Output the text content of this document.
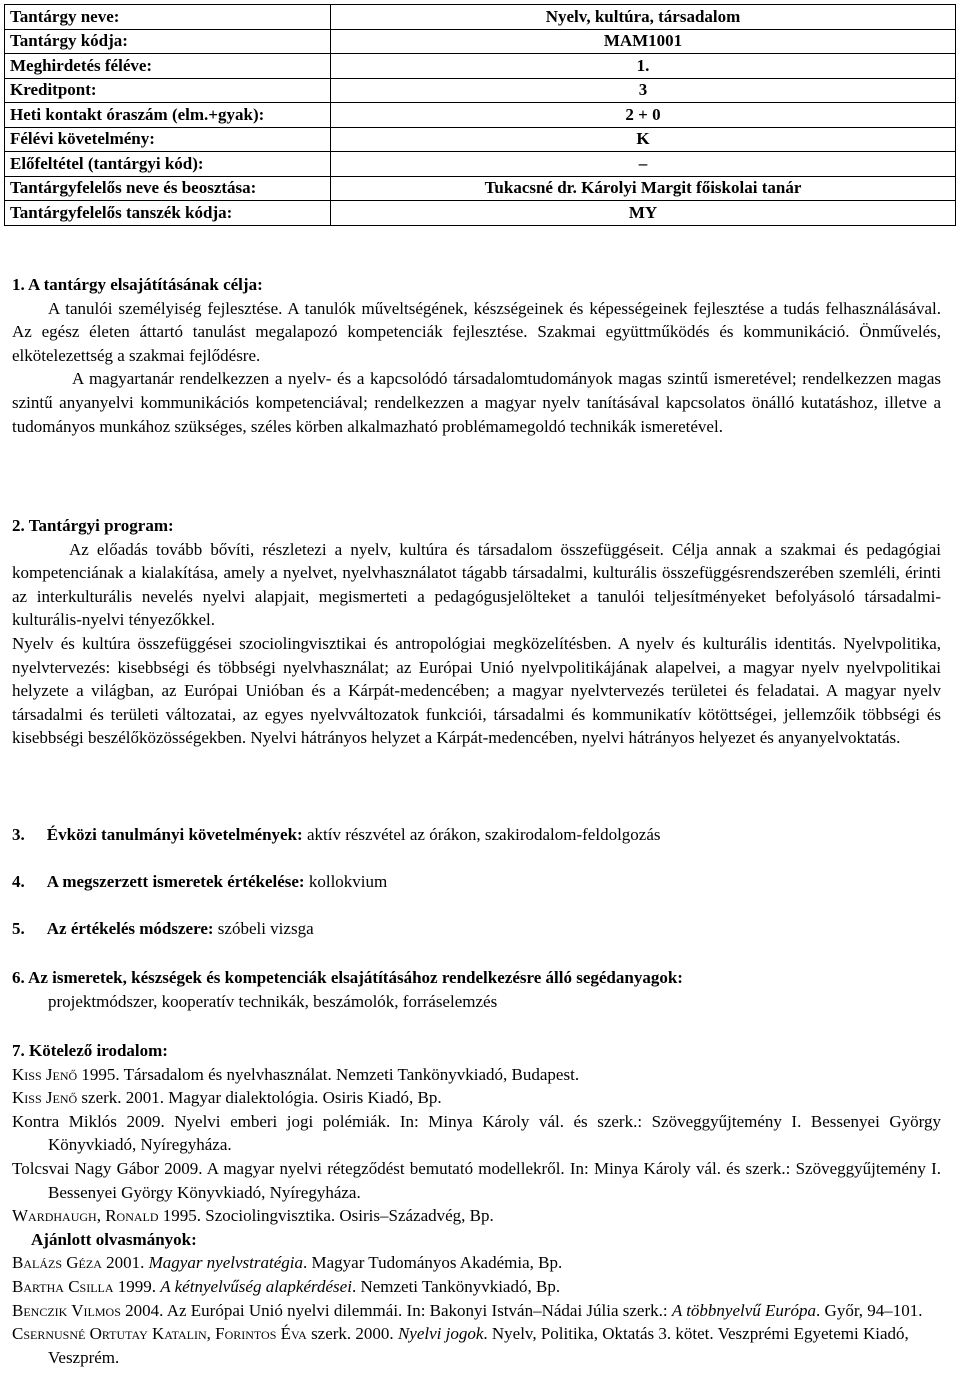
Tantárgy neve:	Nyelv, kultúra, társadalom
Tantárgy kódja:	MAM1001
Meghirdetés féléve:	1.
Kreditpont:	3
Heti kontakt óraszám (elm.+gyak):	2 + 0
Félévi követelmény:	K
Előfeltétel (tantárgyi kód):	–
Tantárgyfelelős neve és beosztása:	Tukacsné dr. Károlyi Margit főiskolai tanár
Tantárgyfelelős tanszék kódja:	MY

1. A tantárgy elsajátításának célja:

A tanulói személyiség fejlesztése. A tanulók műveltségének, készségeinek és képességeinek fejlesztése a tudás felhasználásával. Az egész életen áttartó tanulást megalapozó kompetenciák fejlesztése. Szakmai együttműködés és kommunikáció. Önművelés, elkötelezettség a szakmai fejlődésre.

A magyartanár rendelkezzen a nyelv- és a kapcsolódó társadalomtudományok magas szintű ismeretével; rendelkezzen magas szintű anyanyelvi kommunikációs kompetenciával; rendelkezzen a magyar nyelv tanításával kapcsolatos önálló kutatáshoz, illetve a tudományos munkához szükséges, széles körben alkalmazható problémamegoldó technikák ismeretével.

2. Tantárgyi program:

Az előadás tovább bővíti, részletezi a nyelv, kultúra és társadalom összefüggéseit. Célja annak a szakmai és pedagógiai kompetenciának a kialakítása, amely a nyelvet, nyelvhasználatot tágabb társadalmi, kulturális összefüggésrendszerében szemléli, érinti az interkulturális nevelés nyelvi alapjait, megismerteti a pedagógusjelölteket a tanulói teljesítményeket befolyásoló társadalmi-kulturális-nyelvi tényezőkkel.

Nyelv és kultúra összefüggései szociolingvisztikai és antropológiai megközelítésben. A nyelv és kulturális identitás. Nyelvpolitika, nyelvtervezés: kisebbségi és többségi nyelvhasználat; az Európai Unió nyelvpolitikájának alapelvei, a magyar nyelv nyelvpolitikai helyzete a világban, az Európai Unióban és a Kárpát-medencében; a magyar nyelvtervezés területei és feladatai. A magyar nyelv társadalmi és területi változatai, az egyes nyelvváltozatok funkciói, társadalmi és kommunikatív kötöttségei, jellemzőik többségi és kisebbségi beszélőközösségekben. Nyelvi hátrányos helyzet a Kárpát-medencében, nyelvi hátrányos helyezet és anyanyelvoktatás.

3. Évközi tanulmányi követelmények: aktív részvétel az órákon, szakirodalom-feldolgozás

4. A megszerzett ismeretek értékelése: kollokvium

5. Az értékelés módszere: szóbeli vizsga

6. Az ismeretek, készségek és kompetenciák elsajátításához rendelkezésre álló segédanyagok:

projektmódszer, kooperatív technikák, beszámolók, forráselemzés

7. Kötelező irodalom:

Kiss Jenő 1995. Társadalom és nyelvhasználat. Nemzeti Tankönyvkiadó, Budapest.

Kiss Jenő szerk. 2001. Magyar dialektológia. Osiris Kiadó, Bp.

Kontra Miklós 2009. Nyelvi emberi jogi polémiák. In: Minya Károly vál. és szerk.: Szöveggyűjtemény I. Bessenyei György Könyvkiadó, Nyíregyháza.

Tolcsvai Nagy Gábor 2009. A magyar nyelvi rétegződést bemutató modellekről. In: Minya Károly vál. és szerk.: Szöveggyűjtemény I. Bessenyei György Könyvkiadó, Nyíregyháza.

Wardhaugh, Ronald 1995. Szociolingvisztika. Osiris–Századvég, Bp.

Ajánlott olvasmányok:

Balázs Géza 2001. Magyar nyelvstratégia. Magyar Tudományos Akadémia, Bp.

Bartha Csilla 1999. A kétnyelvűség alapkérdései. Nemzeti Tankönyvkiadó, Bp.

Benczik Vilmos 2004. Az Európai Unió nyelvi dilemmái. In: Bakonyi István–Nádai Júlia szerk.: A többnyelvű Európa. Győr, 94–101.

Csernusné Ortutay Katalin, Forintos Éva szerk. 2000. Nyelvi jogok. Nyelv, Politika, Oktatás 3. kötet. Veszprémi Egyetemi Kiadó, Veszprém.
